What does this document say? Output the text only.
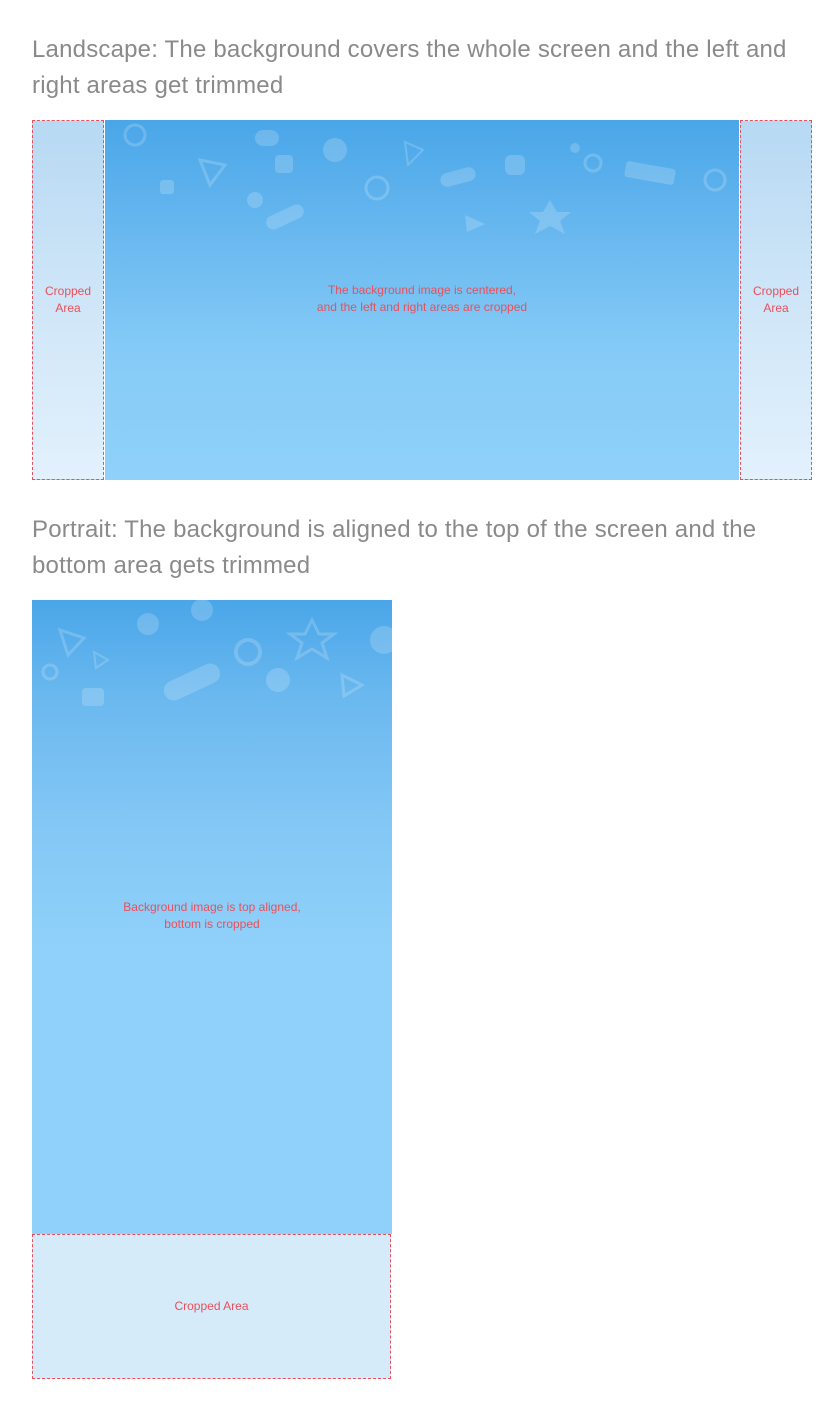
Landscape: The background covers the whole screen and the left and right areas get trimmed

Cropped
Area
The background image is centered,
and the left and right areas are cropped
Cropped
Area

Portrait: The background is aligned to the top of the screen and the bottom area gets trimmed

Background image is top aligned,
bottom is cropped
Cropped Area
